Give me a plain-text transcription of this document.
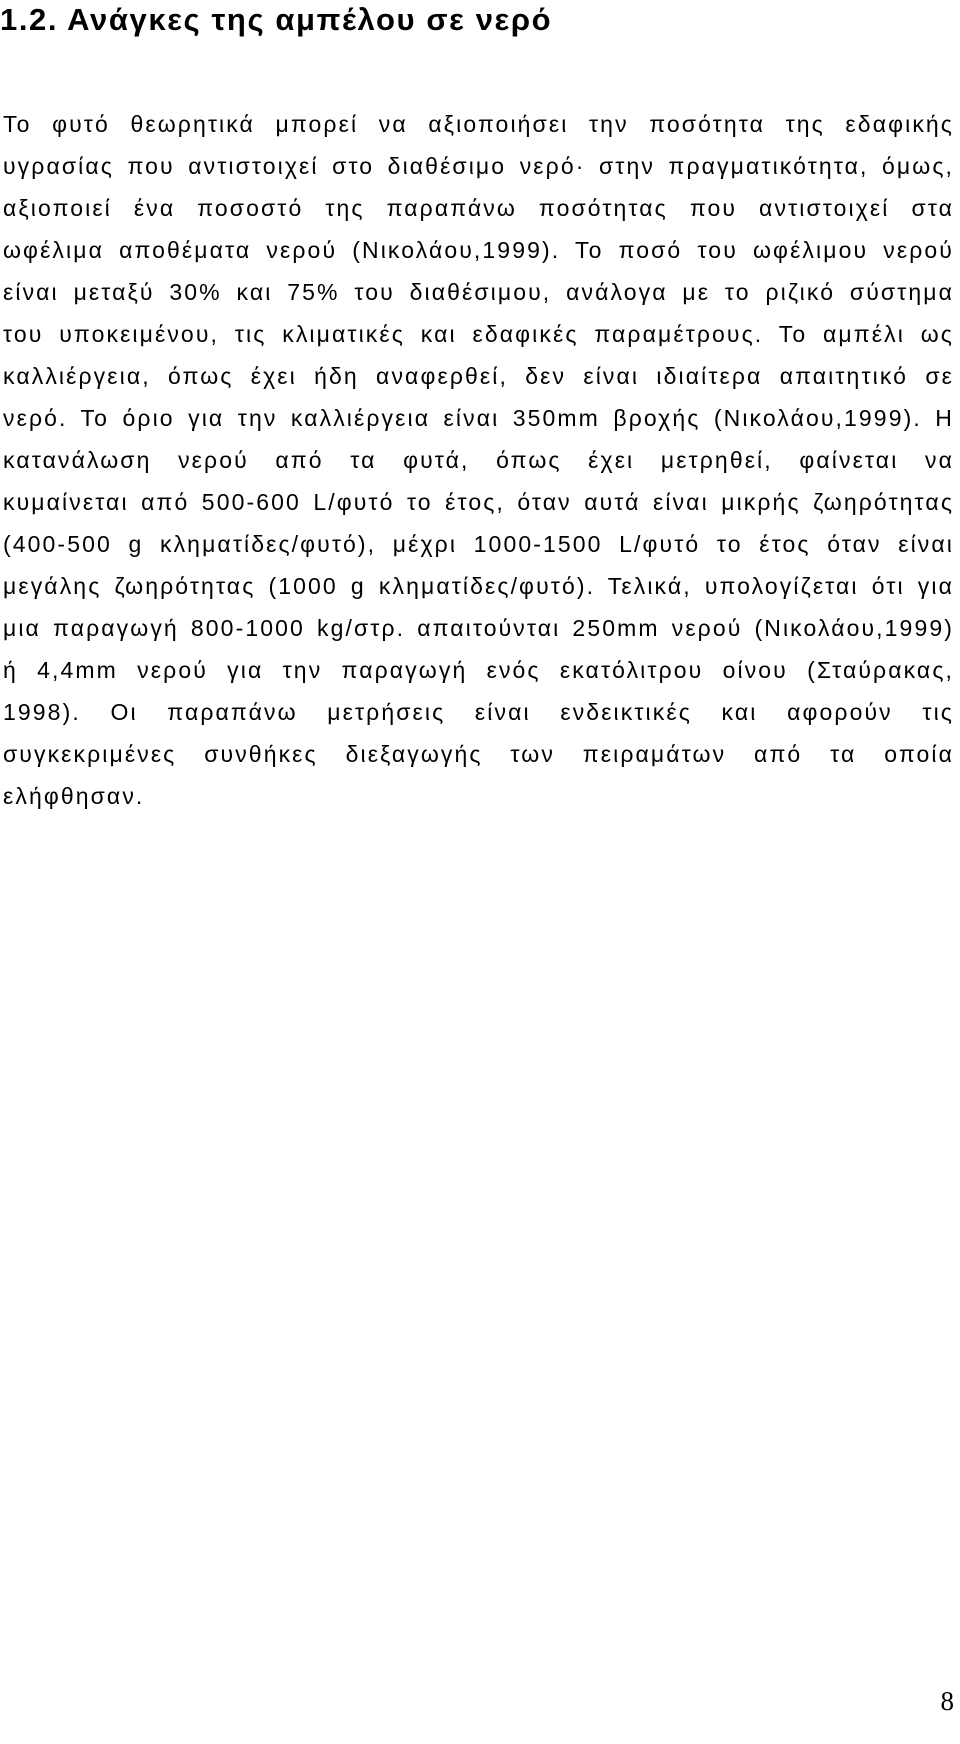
1.2. Ανάγκες της αμπέλου σε νερό

Το φυτό θεωρητικά μπορεί να αξιοποιήσει την ποσότητα της εδαφικής υγρασίας που αντιστοιχεί στο διαθέσιμο νερό· στην πραγματικότητα, όμως, αξιοποιεί ένα ποσοστό της παραπάνω ποσότητας που αντιστοιχεί στα ωφέλιμα αποθέματα νερού (Νικολάου,1999). Το ποσό του ωφέλιμου νερού είναι μεταξύ 30% και 75% του διαθέσιμου, ανάλογα με το ριζικό σύστημα του υποκειμένου, τις κλιματικές και εδαφικές παραμέτρους. Το αμπέλι ως καλλιέργεια, όπως έχει ήδη αναφερθεί, δεν είναι ιδιαίτερα απαιτητικό σε νερό. Το όριο για την καλλιέργεια είναι 350mm βροχής (Νικολάου,1999). Η κατανάλωση νερού από τα φυτά, όπως έχει μετρηθεί, φαίνεται να κυμαίνεται από 500-600 L/φυτό το έτος, όταν αυτά είναι μικρής ζωηρότητας (400-500 g κληματίδες/φυτό), μέχρι 1000-1500 L/φυτό το έτος όταν είναι μεγάλης ζωηρότητας (1000 g κληματίδες/φυτό). Τελικά, υπολογίζεται ότι για μια παραγωγή 800-1000 kg/στρ. απαιτούνται 250mm νερού (Νικολάου,1999) ή 4,4mm νερού για την παραγωγή ενός εκατόλιτρου οίνου (Σταύρακας, 1998). Οι παραπάνω μετρήσεις είναι ενδεικτικές και αφορούν τις συγκεκριμένες συνθήκες διεξαγωγής των πειραμάτων από τα οποία ελήφθησαν.

8
